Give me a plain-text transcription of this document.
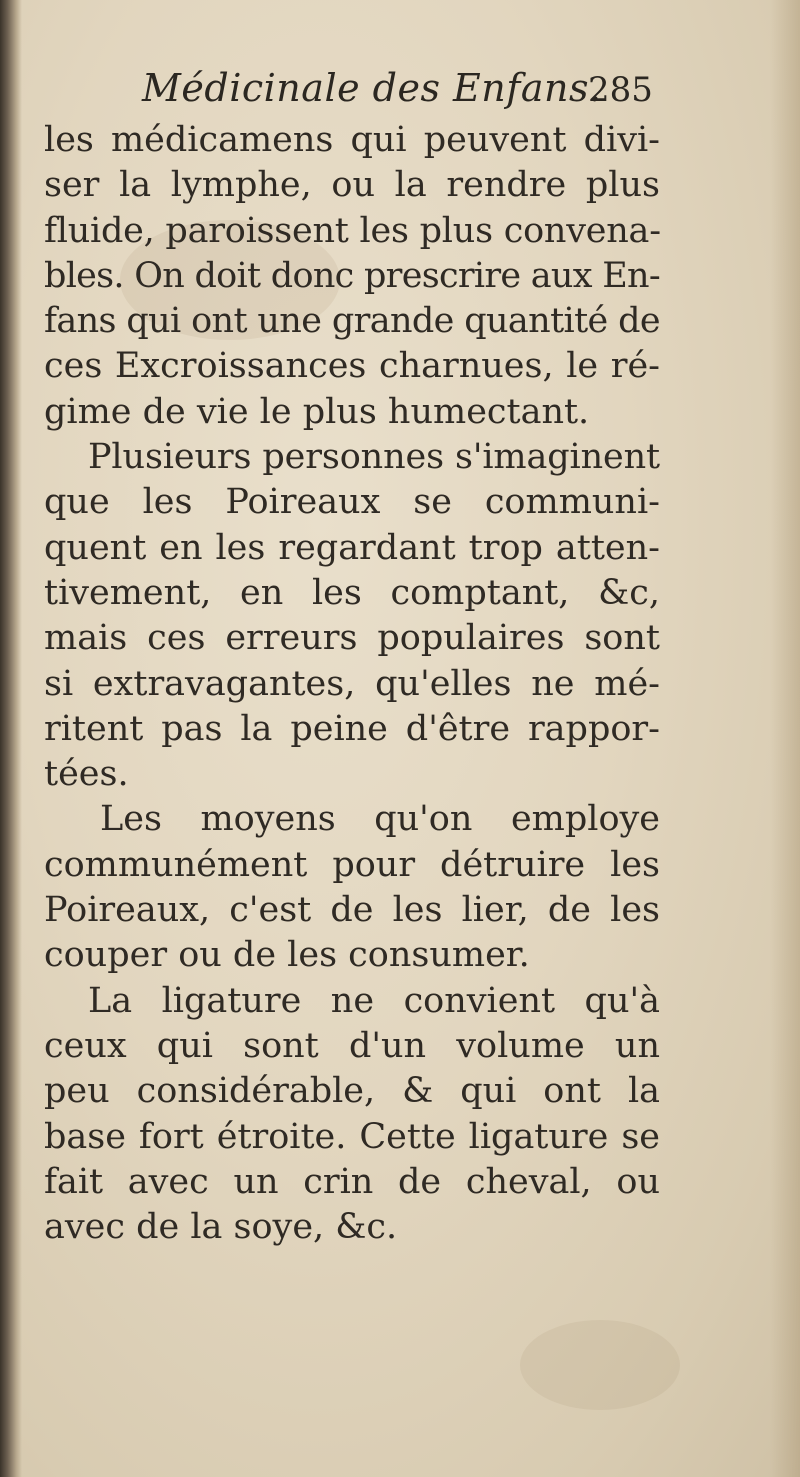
Médicinale des Enfans.
285
les médicamens qui peuvent divi-
ser la lymphe, ou la rendre plus
fluide, paroissent les plus convena-
bles. On doit donc prescrire aux En-
fans qui ont une grande quantité de
ces Excroissances charnues, le ré-
gime de vie le plus humectant.
Plusieurs personnes s'imaginent
que les Poireaux se communi-
quent en les regardant trop atten-
tivement, en les comptant, &c,
mais ces erreurs populaires sont
si extravagantes, qu'elles ne mé-
ritent pas la peine d'être rappor-
tées.
Les moyens qu'on employe
communément pour détruire les
Poireaux, c'est de les lier, de les
couper ou de les consumer.
La ligature ne convient qu'à
ceux qui sont d'un volume un
peu considérable, & qui ont la
base fort étroite. Cette ligature se
fait avec un crin de cheval, ou
avec de la soye, &c.
